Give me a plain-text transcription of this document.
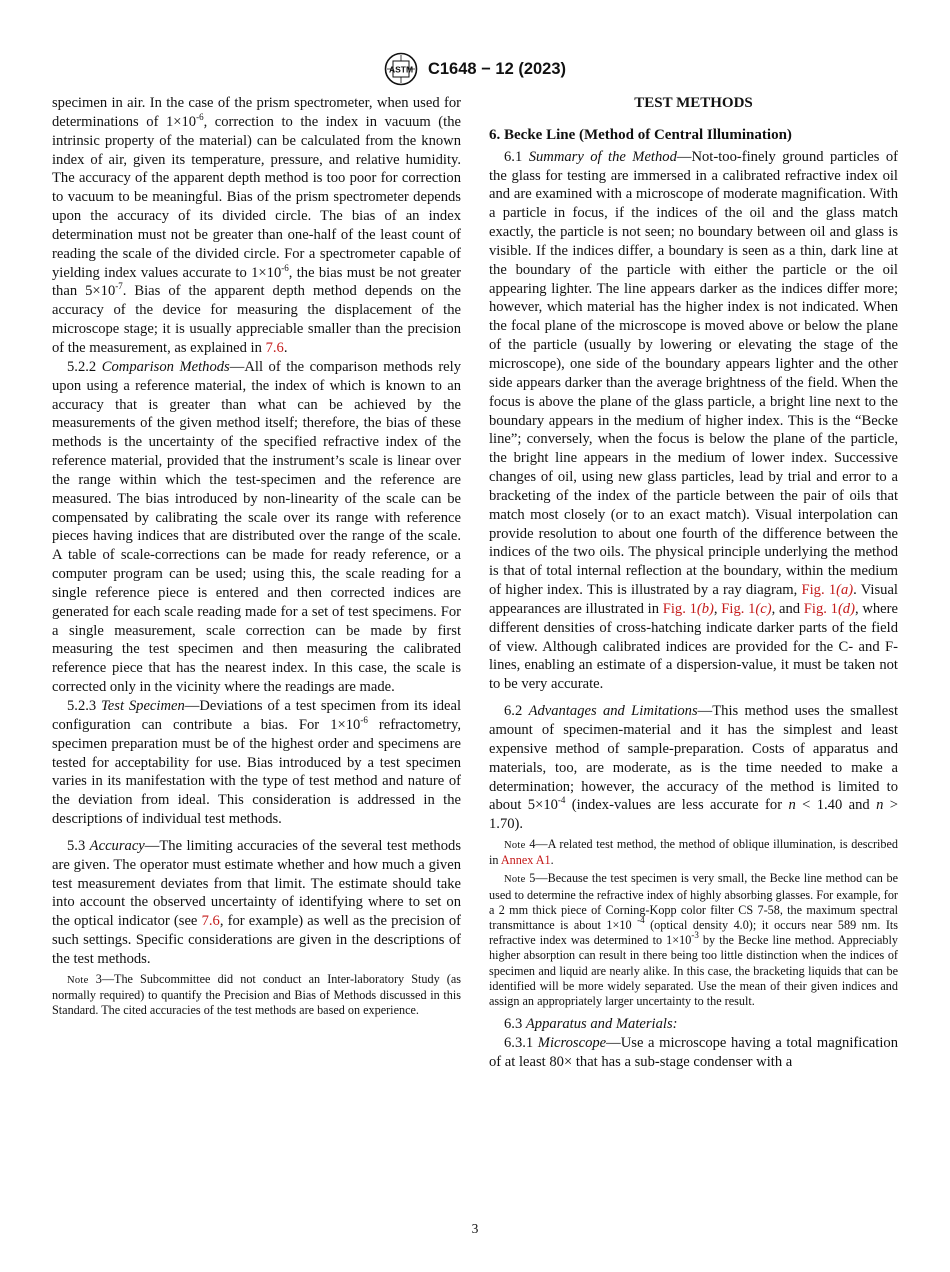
ASTM C1648 − 12 (2023)

specimen in air. In the case of the prism spectrometer, when used for determinations of $1\times 10^{-6}$, correction to the index in vacuum (the intrinsic property of the material) can be calculated from the known index of air, given its temperature, pressure, and relative humidity. The accuracy of the apparent depth method is too poor for correction to vacuum to be meaningful. Bias of the prism spectrometer depends upon the accuracy of its divided circle. The bias of an index determination must not be greater than one-half of the least count of reading the scale of the divided circle. For a spectrometer capable of yielding index values accurate to $1\times 10^{-6}$, the bias must be not greater than $5\times 10^{-7}$. Bias of the apparent depth method depends on the accuracy of the device for measuring the displacement of the microscope stage; it is usually appreciable smaller than the precision of the measurement, as explained in 7.6.

5.2.2 Comparison Methods—All of the comparison methods rely upon using a reference material, the index of which is known to an accuracy that is greater than what can be achieved by the measurements of the given method itself; therefore, the bias of these methods is the uncertainty of the specified refractive index of the reference material, provided that the instrument’s scale is linear over the range within which the test-specimen and the reference are measured. The bias introduced by non-linearity of the scale can be compensated by calibrating the scale over its range with reference pieces having indices that are distributed over the range of the scale. A table of scale-corrections can be made for ready reference, or a computer program can be used; using this, the scale reading for a single reference piece is entered and then corrected indices are generated for each scale reading made for a set of test specimens. For a single measurement, scale correction can be made by first measuring the test specimen and then measuring the calibrated reference piece that has the nearest index. In this case, the scale is corrected only in the vicinity where the readings are made.

5.2.3 Test Specimen—Deviations of a test specimen from its ideal configuration can contribute a bias. For $1\times 10^{-6}$ refractometry, specimen preparation must be of the highest order and specimens are tested for acceptability for use. Bias introduced by a test specimen varies in its manifestation with the type of test method and nature of the deviation from ideal. This consideration is addressed in the descriptions of individual test methods.

5.3 Accuracy—The limiting accuracies of the several test methods are given. The operator must estimate whether and how much a given test measurement deviates from that limit. The estimate should take into account the observed uncertainty of identifying where to set on the optical indicator (see 7.6, for example) as well as the precision of such settings. Specific considerations are given in the descriptions of the test methods.

Note 3—The Subcommittee did not conduct an Inter-laboratory Study (as normally required) to quantify the Precision and Bias of Methods discussed in this Standard. The cited accuracies of the test methods are based on experience.

TEST METHODS

6. Becke Line (Method of Central Illumination)

6.1 Summary of the Method—Not-too-finely ground particles of the glass for testing are immersed in a calibrated refractive index oil and are examined with a microscope of moderate magnification. With a particle in focus, if the indices of the oil and the glass match exactly, the particle is not seen; no boundary between oil and glass is visible. If the indices differ, a boundary is seen as a thin, dark line at the boundary of the particle with either the particle or the oil appearing lighter. The line appears darker as the indices differ more; however, which material has the higher index is not indicated. When the focal plane of the microscope is moved above or below the plane of the particle (usually by lowering or elevating the stage of the microscope), one side of the boundary appears lighter and the other side appears darker than the average brightness of the field. When the focus is above the plane of the glass particle, a bright line next to the boundary appears in the medium of higher index. This is the “Becke line”; conversely, when the focus is below the plane of the particle, the bright line appears in the medium of lower index. Successive changes of oil, using new glass particles, lead by trial and error to a bracketing of the index of the particle between the pair of oils that match most closely (or to an exact match). Visual interpolation can provide resolution to about one fourth of the difference between the indices of the two oils. The physical principle underlying the method is that of total internal reflection at the boundary, within the medium of higher index. This is illustrated by a ray diagram, Fig. 1(a). Visual appearances are illustrated in Fig. 1(b), Fig. 1(c), and Fig. 1(d), where different densities of cross-hatching indicate darker parts of the field of view. Although calibrated indices are provided for the C- and F-lines, enabling an estimate of a dispersion-value, it must be taken not to be very accurate.

6.2 Advantages and Limitations—This method uses the smallest amount of specimen-material and it has the simplest and least expensive method of sample-preparation. Costs of apparatus and materials, too, are moderate, as is the time needed to make a determination; however, the accuracy of the method is limited to about $5\times 10^{-4}$ (index-values are less accurate for n < 1.40 and n > 1.70).

Note 4—A related test method, the method of oblique illumination, is described in Annex A1.

Note 5—Because the test specimen is very small, the Becke line method can be used to determine the refractive index of highly absorbing glasses. For example, for a 2 mm thick piece of Corning-Kopp color filter CS 7-58, the maximum spectral transmittance is about 1×10 $^{-4}$ (optical density 4.0); it occurs near 589 nm. Its refractive index was determined to $1\times 10^{-3}$ by the Becke line method. Appreciably higher absorption can result in there being too little distinction when the indices of specimen and liquid are nearly alike. In this case, the bracketing liquids that can be identified will be more widely separated. Use the mean of their given indices and assign an appropriately larger uncertainty to the result.

6.3 Apparatus and Materials:

6.3.1 Microscope—Use a microscope having a total magnification of at least 80× that has a sub-stage condenser with a

3
